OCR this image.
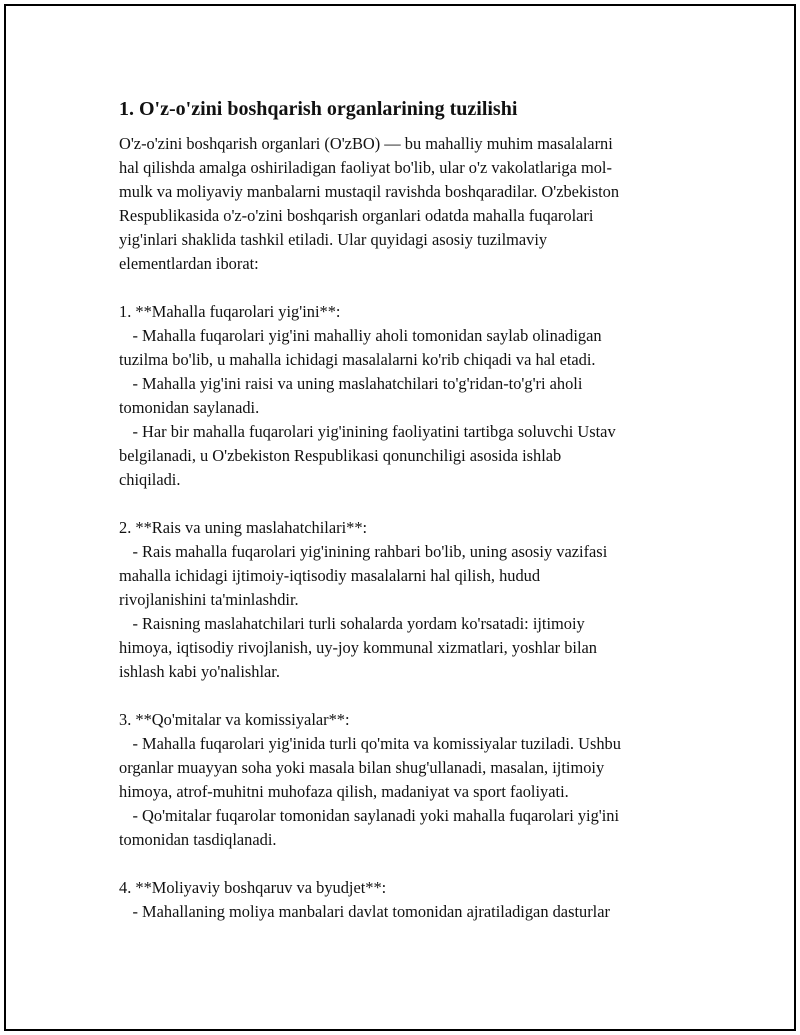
1. O'z-o'zini boshqarish organlarining tuzilishi
O'z-o'zini boshqarish organlari (O'zBO) — bu mahalliy muhim masalalarni
hal qilishda amalga oshiriladigan faoliyat bo'lib, ular o'z vakolatlariga mol-
mulk va moliyaviy manbalarni mustaqil ravishda boshqaradilar. O'zbekiston
Respublikasida o'z-o'zini boshqarish organlari odatda mahalla fuqarolari
yig'inlari shaklida tashkil etiladi. Ular quyidagi asosiy tuzilmaviy
elementlardan iborat:
1. **Mahalla fuqarolari yig'ini**:
- Mahalla fuqarolari yig'ini mahalliy aholi tomonidan saylab olinadigan
tuzilma bo'lib, u mahalla ichidagi masalalarni ko'rib chiqadi va hal etadi.
- Mahalla yig'ini raisi va uning maslahatchilari to'g'ridan-to'g'ri aholi
tomonidan saylanadi.
- Har bir mahalla fuqarolari yig'inining faoliyatini tartibga soluvchi Ustav
belgilanadi, u O'zbekiston Respublikasi qonunchiligi asosida ishlab
chiqiladi.
2. **Rais va uning maslahatchilari**:
- Rais mahalla fuqarolari yig'inining rahbari bo'lib, uning asosiy vazifasi
mahalla ichidagi ijtimoiy-iqtisodiy masalalarni hal qilish, hudud
rivojlanishini ta'minlashdir.
- Raisning maslahatchilari turli sohalarda yordam ko'rsatadi: ijtimoiy
himoya, iqtisodiy rivojlanish, uy-joy kommunal xizmatlari, yoshlar bilan
ishlash kabi yo'nalishlar.
3. **Qo'mitalar va komissiyalar**:
- Mahalla fuqarolari yig'inida turli qo'mita va komissiyalar tuziladi. Ushbu
organlar muayyan soha yoki masala bilan shug'ullanadi, masalan, ijtimoiy
himoya, atrof-muhitni muhofaza qilish, madaniyat va sport faoliyati.
- Qo'mitalar fuqarolar tomonidan saylanadi yoki mahalla fuqarolari yig'ini
tomonidan tasdiqlanadi.
4. **Moliyaviy boshqaruv va byudjet**:
- Mahallaning moliya manbalari davlat tomonidan ajratiladigan dasturlar
